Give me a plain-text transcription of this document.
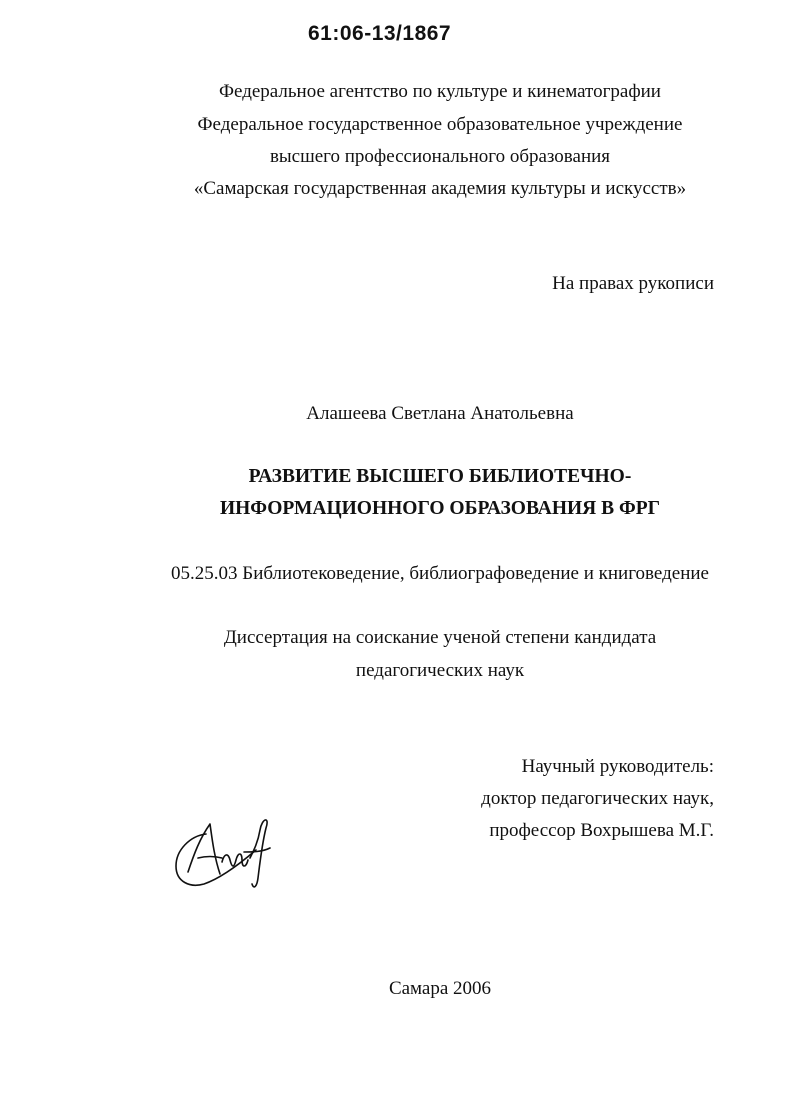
61:06-13/1867
Федеральное агентство по культуре и кинематографии
Федеральное государственное образовательное учреждение
высшего профессионального образования
«Самарская государственная академия культуры и искусств»
На правах рукописи
Алашеева Светлана Анатольевна
РАЗВИТИЕ ВЫСШЕГО БИБЛИОТЕЧНО-
ИНФОРМАЦИОННОГО ОБРАЗОВАНИЯ В ФРГ
05.25.03 Библиотековедение, библиографоведение и книговедение
Диссертация на соискание ученой степени кандидата
педагогических наук
Научный руководитель:
доктор педагогических наук,
профессор Вохрышева М.Г.
Самара 2006
